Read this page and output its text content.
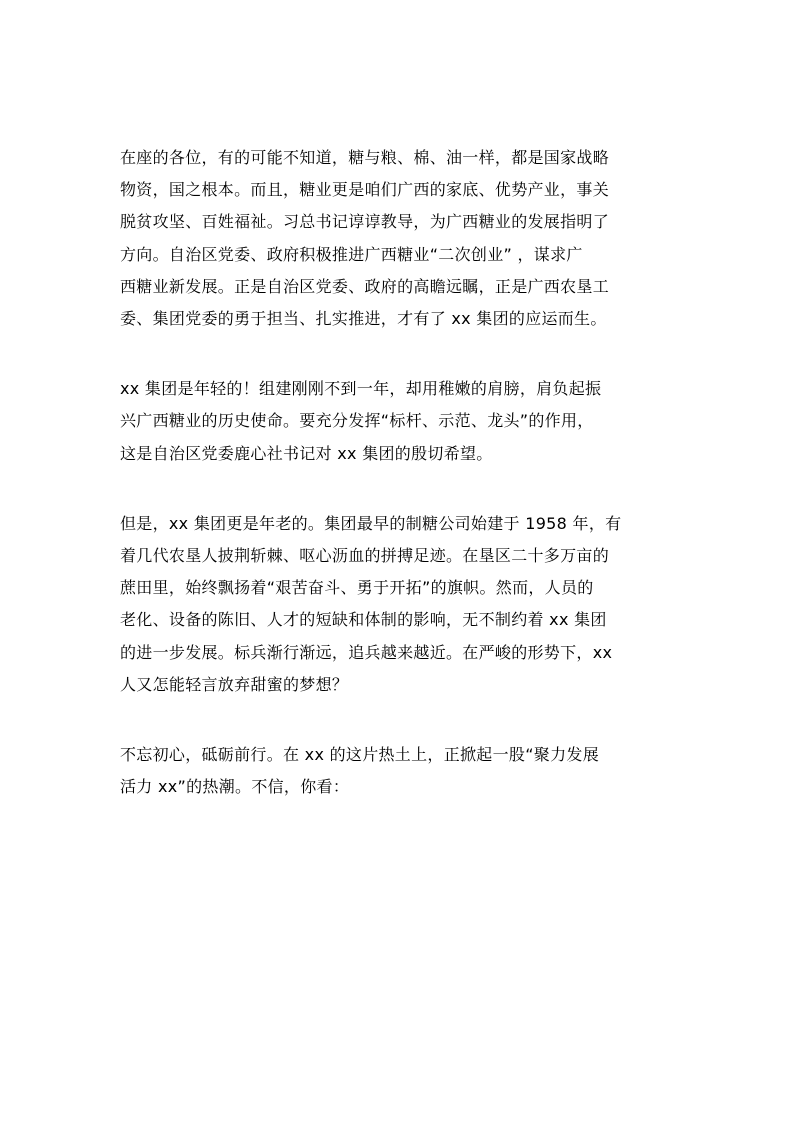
在座的各位，有的可能不知道，糖与粮、棉、油一样，都是国家战略
物资，国之根本。而且，糖业更是咱们广西的家底、优势产业，事关
脱贫攻坚、百姓福祉。习总书记谆谆教导，为广西糖业的发展指明了
方向。自治区党委、政府积极推进广西糖业“二次创业” ，谋求广
西糖业新发展。正是自治区党委、政府的高瞻远瞩，正是广西农垦工
委、集团党委的勇于担当、扎实推进，才有了 xx 集团的应运而生。

xx 集团是年轻的！组建刚刚不到一年，却用稚嫩的肩膀，肩负起振
兴广西糖业的历史使命。要充分发挥“标杆、示范、龙头”的作用，
这是自治区党委鹿心社书记对 xx 集团的殷切希望。

但是，xx 集团更是年老的。集团最早的制糖公司始建于 1958 年，有
着几代农垦人披荆斩棘、呕心沥血的拼搏足迹。在垦区二十多万亩的
蔗田里，始终飘扬着“艰苦奋斗、勇于开拓”的旗帜。然而，人员的
老化、设备的陈旧、人才的短缺和体制的影响，无不制约着 xx 集团
的进一步发展。标兵渐行渐远，追兵越来越近。在严峻的形势下，xx
人又怎能轻言放弃甜蜜的梦想？

不忘初心，砥砺前行。在 xx 的这片热土上，正掀起一股“聚力发展
活力 xx”的热潮。不信，你看：
